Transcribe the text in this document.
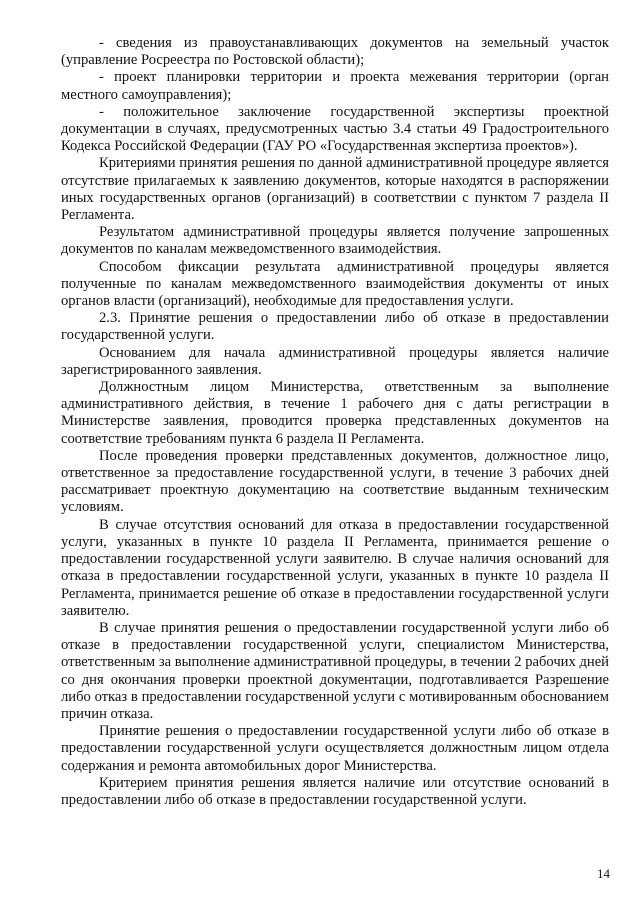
- сведения из правоустанавливающих документов на земельный участок (управление Росреестра по Ростовской области);

- проект планировки территории и проекта межевания территории (орган местного самоуправления);

- положительное заключение государственной экспертизы проектной документации в случаях, предусмотренных частью 3.4 статьи 49 Градостроительного Кодекса Российской Федерации (ГАУ РО «Государственная экспертиза проектов»).

Критериями принятия решения по данной административной процедуре является отсутствие прилагаемых к заявлению документов, которые находятся в распоряжении иных государственных органов (организаций) в соответствии с пунктом 7 раздела II Регламента.

Результатом административной процедуры является получение запрошенных документов по каналам межведомственного взаимодействия.

Способом фиксации результата административной процедуры является полученные по каналам межведомственного взаимодействия документы от иных органов власти (организаций), необходимые для предоставления услуги.

2.3. Принятие решения о предоставлении либо об отказе в предоставлении государственной услуги.

Основанием для начала административной процедуры является наличие зарегистрированного заявления.

Должностным лицом Министерства, ответственным за выполнение административного действия, в течение 1 рабочего дня с даты регистрации в Министерстве заявления, проводится проверка представленных документов на соответствие требованиям пункта 6 раздела II Регламента.

После проведения проверки представленных документов, должностное лицо, ответственное за предоставление государственной услуги, в течение 3 рабочих дней рассматривает проектную документацию на соответствие выданным техническим условиям.

В случае отсутствия оснований для отказа в предоставлении государственной услуги, указанных в пункте 10 раздела II Регламента, принимается решение о предоставлении государственной услуги заявителю. В случае наличия оснований для отказа в предоставлении государственной услуги, указанных в пункте 10 раздела II Регламента, принимается решение об отказе в предоставлении государственной услуги заявителю.

В случае принятия решения о предоставлении государственной услуги либо об отказе в предоставлении государственной услуги, специалистом Министерства, ответственным за выполнение административной процедуры, в течении 2 рабочих дней со дня окончания проверки проектной документации, подготавливается Разрешение либо отказ в предоставлении государственной услуги с мотивированным обоснованием причин отказа.

Принятие решения о предоставлении государственной услуги либо об отказе в предоставлении государственной услуги осуществляется должностным лицом отдела содержания и ремонта автомобильных дорог Министерства.

Критерием принятия решения является наличие или отсутствие оснований в предоставлении либо об отказе в предоставлении государственной услуги.

14
